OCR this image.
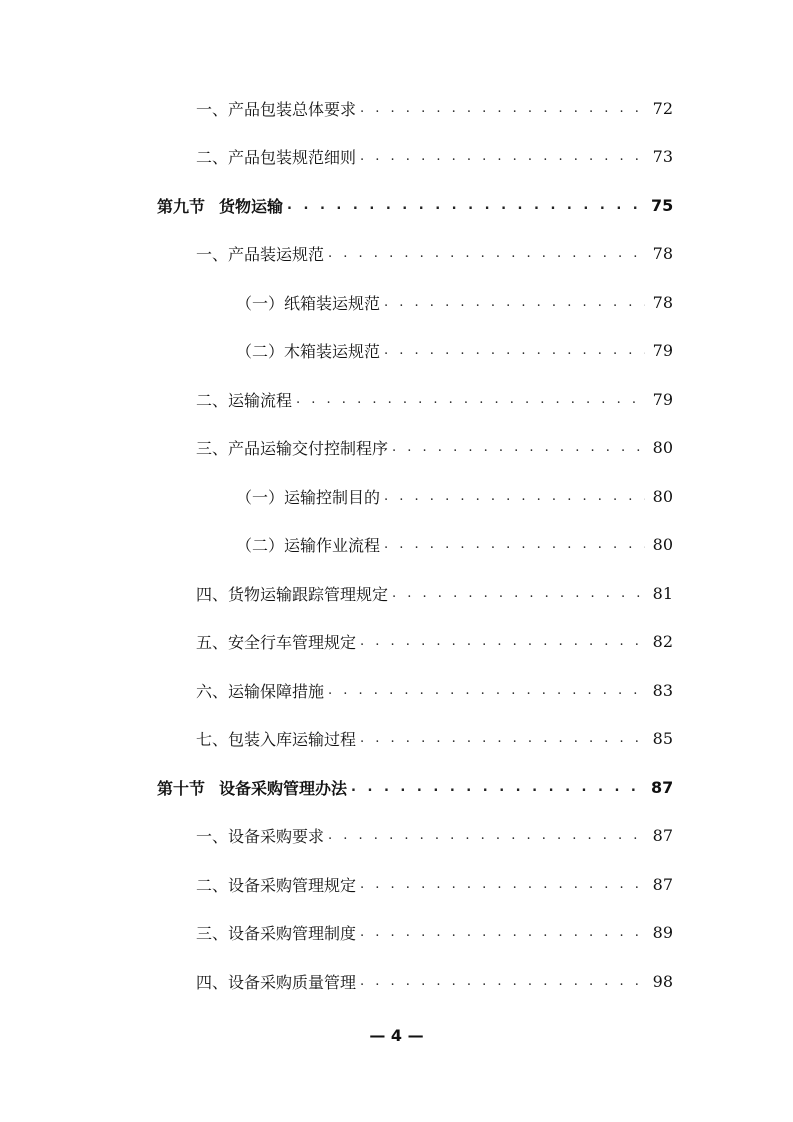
一、产品包装总体要求 . . .	72
二、产品包装规范细则 . . .	73
第九节 货物运输 . . .	75
一、产品装运规范 . . .	78
（一）纸箱装运规范 . . .	78
（二）木箱装运规范 . . .	79
二、运输流程 . . .	79
三、产品运输交付控制程序 . . .	80
（一）运输控制目的 . . .	80
（二）运输作业流程 . . .	80
四、货物运输跟踪管理规定 . . .	81
五、安全行车管理规定 . . .	82
六、运输保障措施 . . .	83
七、包装入库运输过程 . . .	85
第十节 设备采购管理办法 . . .	87
一、设备采购要求 . . .	87
二、设备采购管理规定 . . .	87
三、设备采购管理制度 . . .	89
四、设备采购质量管理 . . .	98
— 4 —
